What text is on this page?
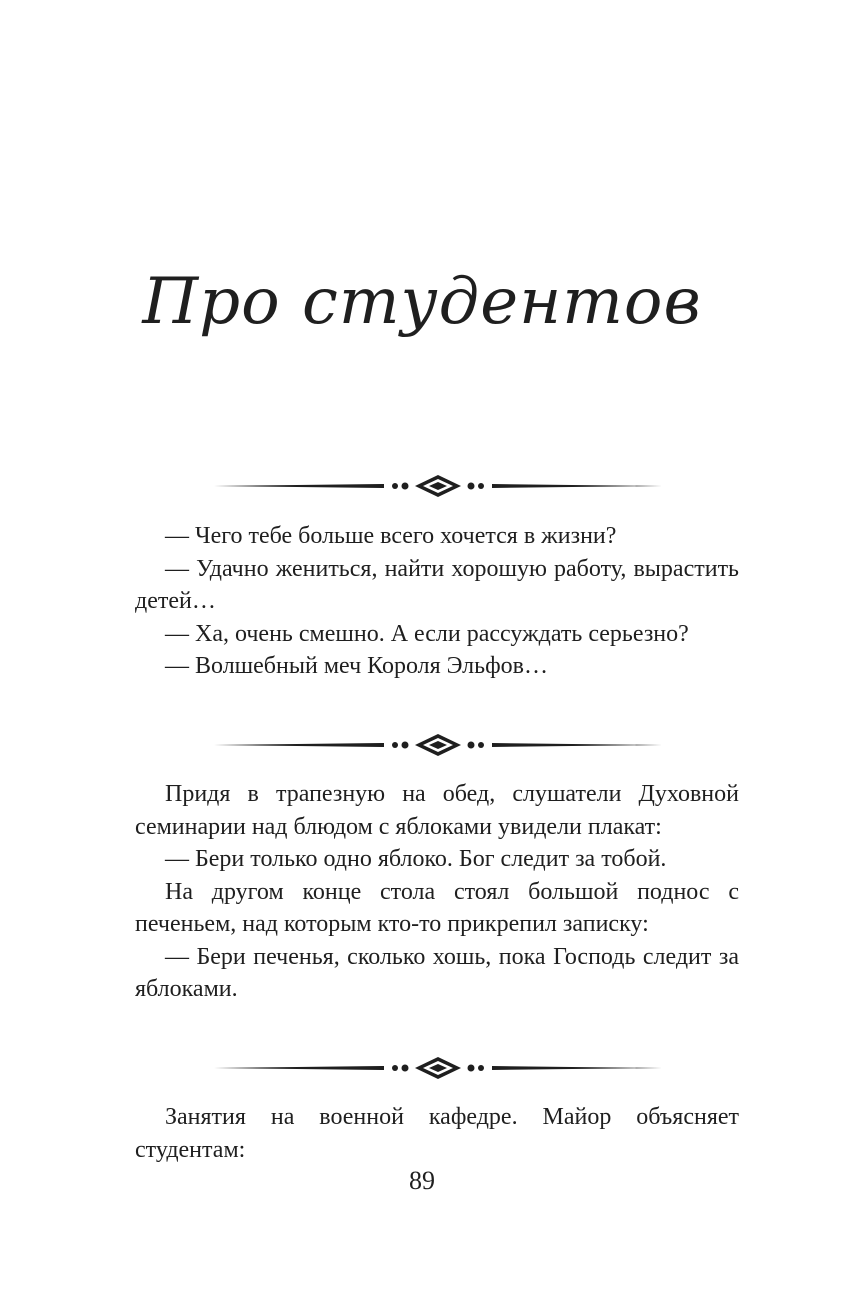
Про студентов

— Чего тебе больше всего хочется в жизни?

— Удачно жениться, найти хорошую работу, вырастить детей…

— Ха, очень смешно. А если рассуждать серьезно?

— Волшебный меч Короля Эльфов…

Придя в трапезную на обед, слушатели Духовной семинарии над блюдом с яблоками увидели плакат:

— Бери только одно яблоко. Бог следит за тобой.

На другом конце стола стоял большой поднос с печеньем, над которым кто-то прикрепил записку:

— Бери печенья, сколько хошь, пока Господь следит за яблоками.

Занятия на военной кафедре. Майор объясняет студентам:

89
